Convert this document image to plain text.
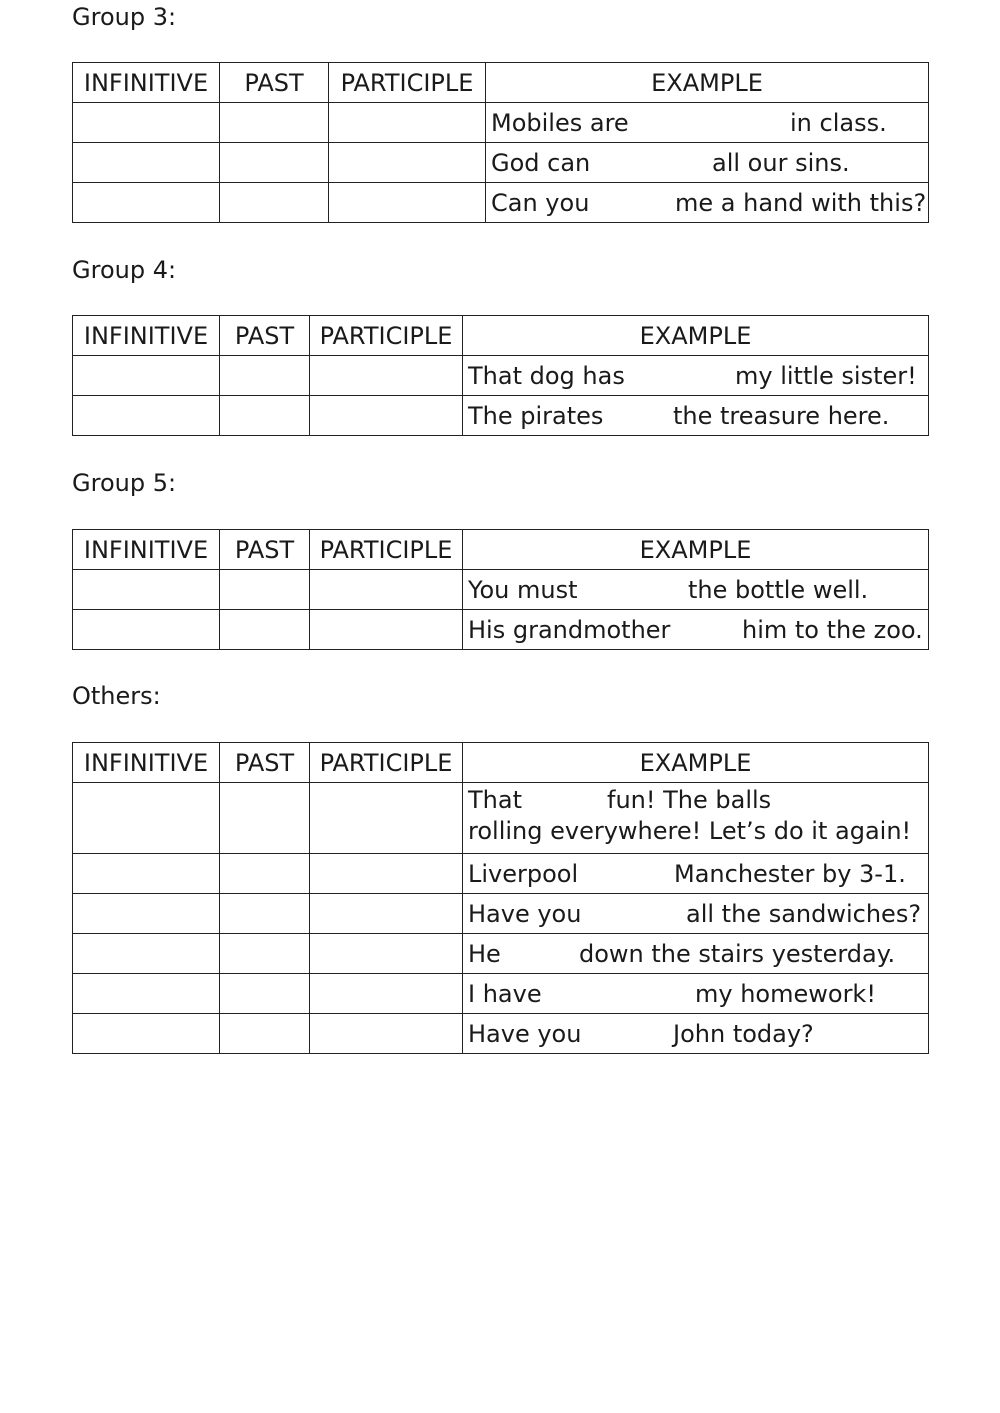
Group 3:
INFINITIVE	PAST	PARTICIPLE	EXAMPLE

			Mobiles are in class.

			God can all our sins.

			Can you me a hand with this?
Group 4:
INFINITIVE	PAST	PARTICIPLE	EXAMPLE

			That dog has my little sister!

			The pirates the treasure here.
Group 5:
INFINITIVE	PAST	PARTICIPLE	EXAMPLE

			You must the bottle well.

			His grandmother him to the zoo.
Others:
INFINITIVE	PAST	PARTICIPLE	EXAMPLE

			That fun! The balls
rolling everywhere! Let’s do it again!

			Liverpool Manchester by 3-1.

			Have you all the sandwiches?

			He down the stairs yesterday.

			I have my homework!

			Have you John today?
